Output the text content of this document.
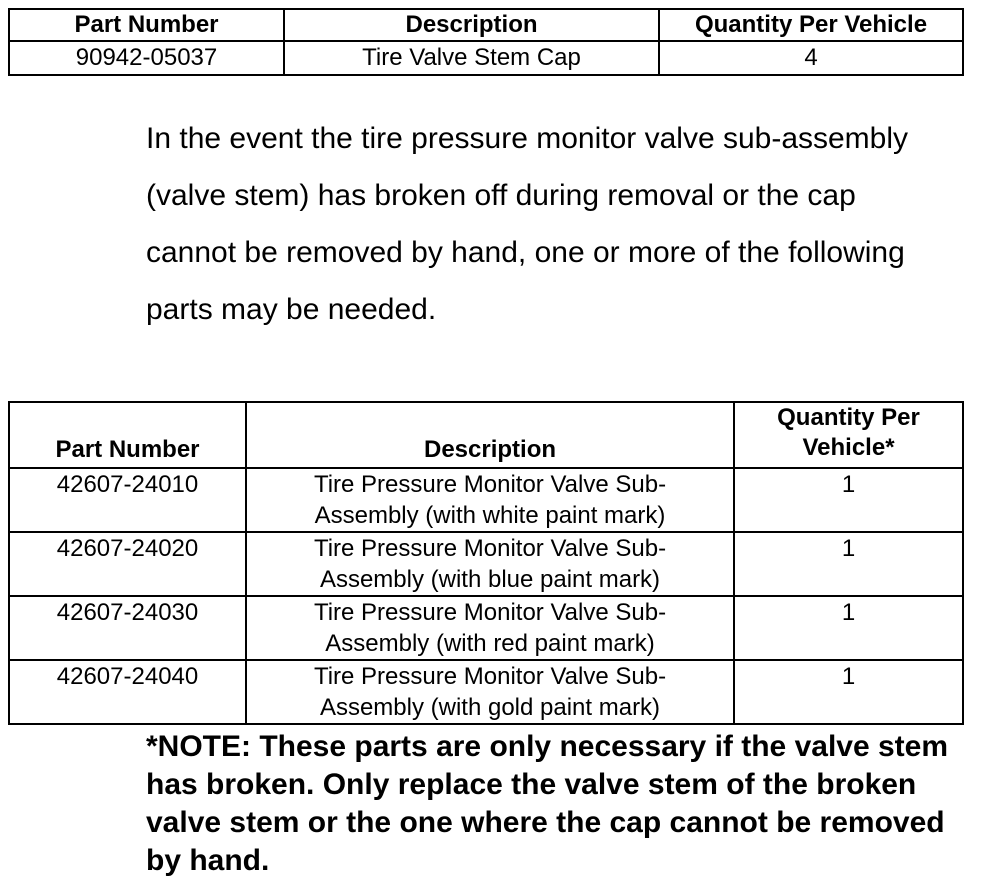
Part Number	Description	Quantity Per Vehicle
90942-05037	Tire Valve Stem Cap	4

In the event the tire pressure monitor valve sub-assembly (valve stem) has broken off during removal or the cap cannot be removed by hand, one or more of the following parts may be needed.

Part Number	Description	Quantity Per
Vehicle*

42607-24010	Tire Pressure Monitor Valve Sub-
Assembly (with white paint mark)	1
42607-24020	Tire Pressure Monitor Valve Sub-
Assembly (with blue paint mark)	1
42607-24030	Tire Pressure Monitor Valve Sub-
Assembly (with red paint mark)	1
42607-24040	Tire Pressure Monitor Valve Sub-
Assembly (with gold paint mark)	1

*NOTE: These parts are only necessary if the valve stem has broken. Only replace the valve stem of the broken valve stem or the one where the cap cannot be removed by hand.
